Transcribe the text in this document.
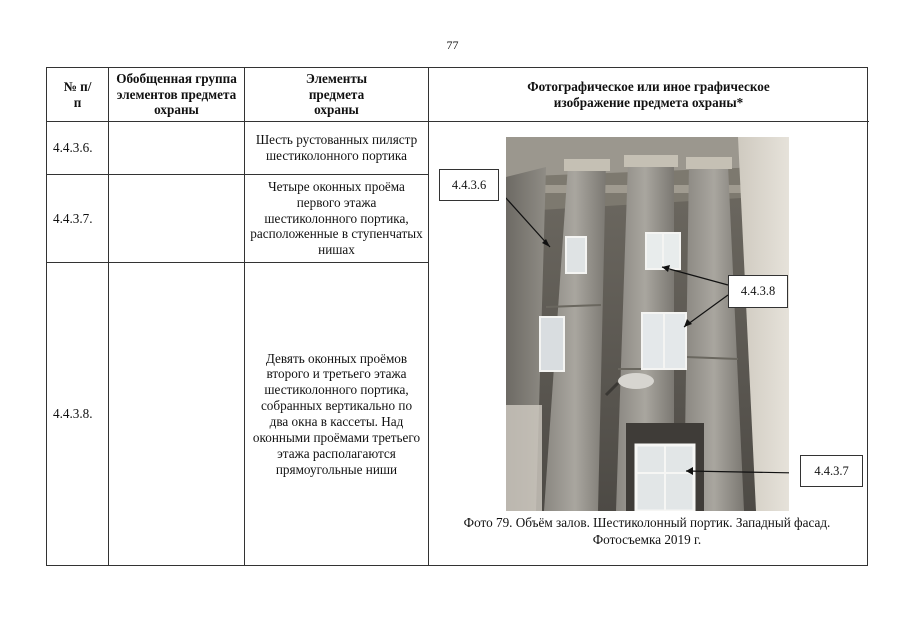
77
№ п/п
Обобщенная группа элементов предмета охраны
Элементы предмета охраны
Фотографическое или иное графическое изображение предмета охраны*
4.4.3.6.
Шесть рустованных пилястр шестиколонного портика
4.4.3.7.
Четыре оконных проёма первого этажа шестиколонного портика, расположенные в ступенчатых нишах
4.4.3.8.
Девять оконных проёмов второго и третьего этажа шестиколонного портика, собранных вертикально по два окна в кассеты. Над оконными проёмами третьего этажа располагаются прямоугольные ниши
4.4.3.6
4.4.3.8
4.4.3.7
Фото 79. Объём залов. Шестиколонный портик. Западный фасад. Фотосъемка 2019 г.
